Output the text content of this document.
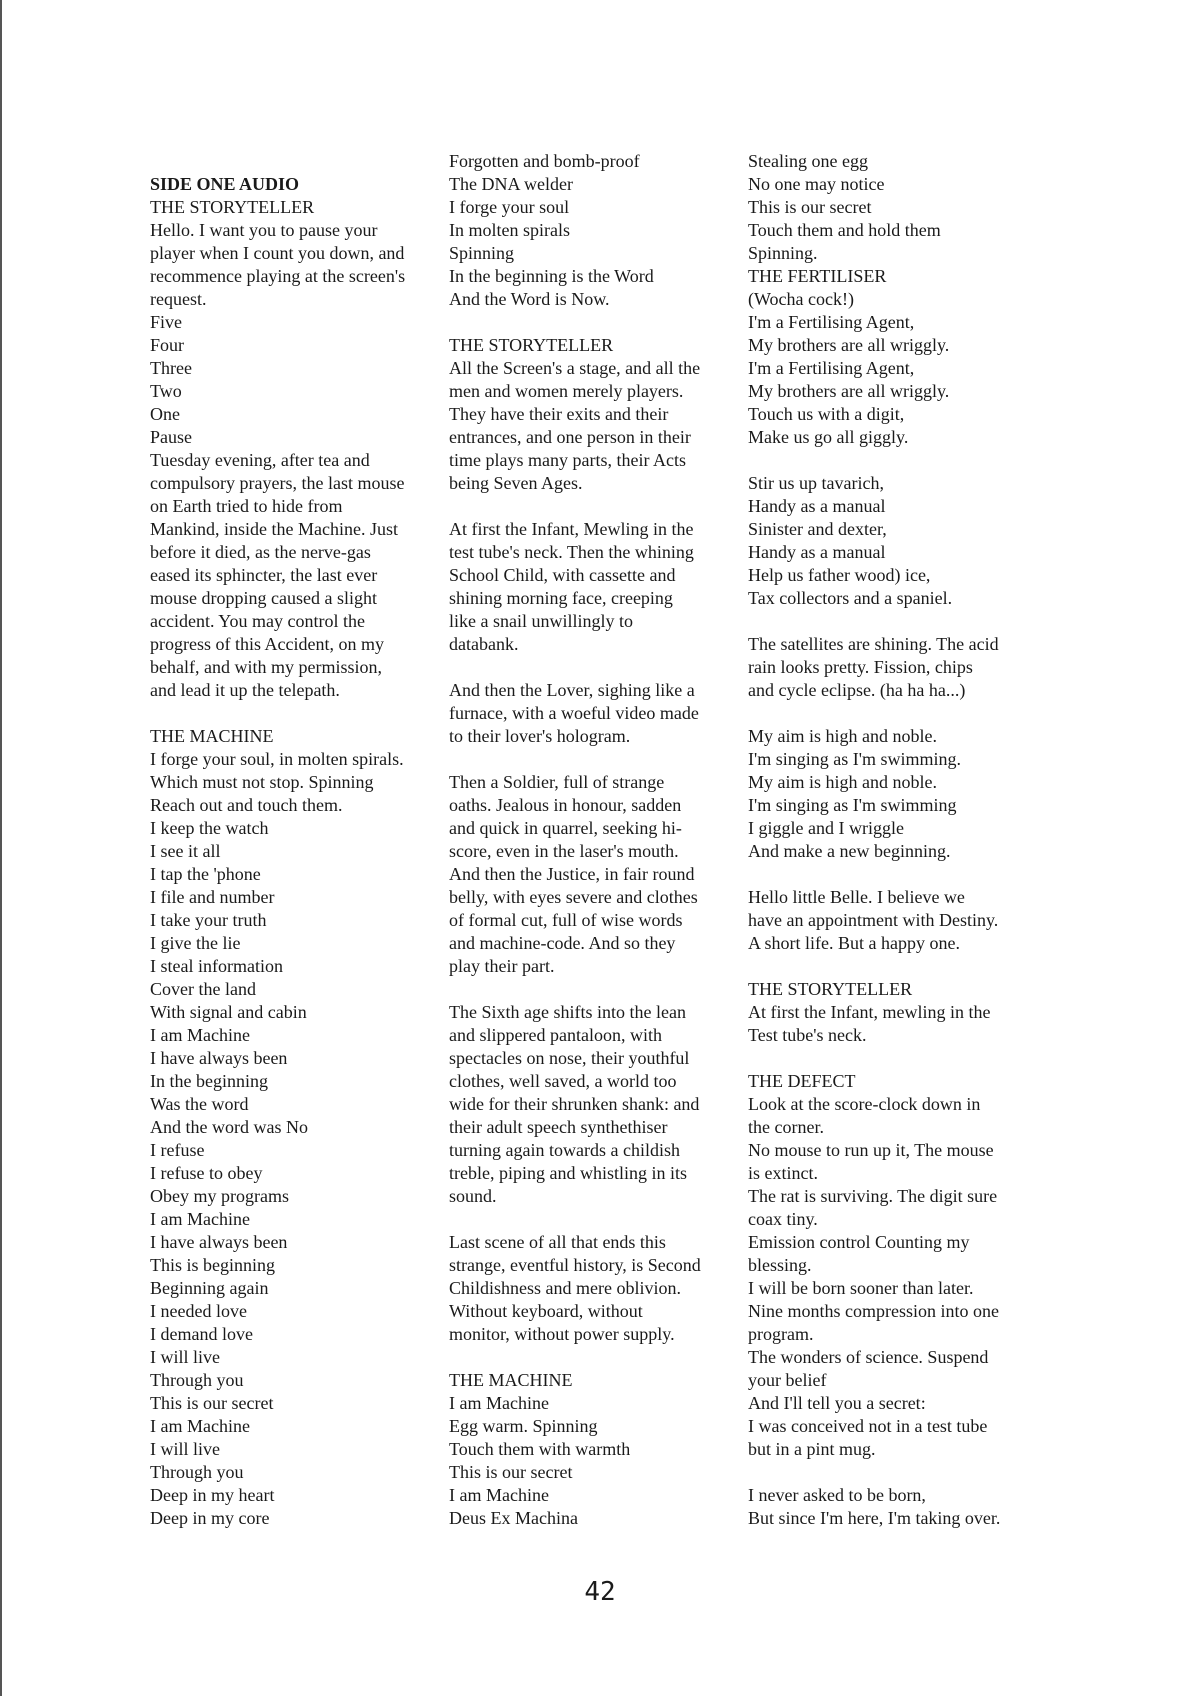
SIDE ONE AUDIO
THE STORYTELLER
Hello. I want you to pause your
player when I count you down, and
recommence playing at the screen's
request.
Five
Four
Three
Two
One
Pause
Tuesday evening, after tea and
compulsory prayers, the last mouse
on Earth tried to hide from
Mankind, inside the Machine. Just
before it died, as the nerve-gas
eased its sphincter, the last ever
mouse dropping caused a slight
accident. You may control the
progress of this Accident, on my
behalf, and with my permission,
and lead it up the telepath.
THE MACHINE
I forge your soul, in molten spirals.
Which must not stop. Spinning
Reach out and touch them.
I keep the watch
I see it all
I tap the 'phone
I file and number
I take your truth
I give the lie
I steal information
Cover the land
With signal and cabin
I am Machine
I have always been
In the beginning
Was the word
And the word was No
I refuse
I refuse to obey
Obey my programs
I am Machine
I have always been
This is beginning
Beginning again
I needed love
I demand love
I will live
Through you
This is our secret
I am Machine
I will live
Through you
Deep in my heart
Deep in my core
Forgotten and bomb-proof
The DNA welder
I forge your soul
In molten spirals
Spinning
In the beginning is the Word
And the Word is Now.
THE STORYTELLER
All the Screen's a stage, and all the
men and women merely players.
They have their exits and their
entrances, and one person in their
time plays many parts, their Acts
being Seven Ages.
At first the Infant, Mewling in the
test tube's neck. Then the whining
School Child, with cassette and
shining morning face, creeping
like a snail unwillingly to
databank.
And then the Lover, sighing like a
furnace, with a woeful video made
to their lover's hologram.
Then a Soldier, full of strange
oaths. Jealous in honour, sadden
and quick in quarrel, seeking hi-
score, even in the laser's mouth.
And then the Justice, in fair round
belly, with eyes severe and clothes
of formal cut, full of wise words
and machine-code. And so they
play their part.
The Sixth age shifts into the lean
and slippered pantaloon, with
spectacles on nose, their youthful
clothes, well saved, a world too
wide for their shrunken shank: and
their adult speech synthethiser
turning again towards a childish
treble, piping and whistling in its
sound.
Last scene of all that ends this
strange, eventful history, is Second
Childishness and mere oblivion.
Without keyboard, without
monitor, without power supply.
THE MACHINE
I am Machine
Egg warm. Spinning
Touch them with warmth
This is our secret
I am Machine
Deus Ex Machina
Stealing one egg
No one may notice
This is our secret
Touch them and hold them
Spinning.
THE FERTILISER
(Wocha cock!)
I'm a Fertilising Agent,
My brothers are all wriggly.
I'm a Fertilising Agent,
My brothers are all wriggly.
Touch us with a digit,
Make us go all giggly.
Stir us up tavarich,
Handy as a manual
Sinister and dexter,
Handy as a manual
Help us father wood) ice,
Tax collectors and a spaniel.
The satellites are shining. The acid
rain looks pretty. Fission, chips
and cycle eclipse. (ha ha ha...)
My aim is high and noble.
I'm singing as I'm swimming.
My aim is high and noble.
I'm singing as I'm swimming
I giggle and I wriggle
And make a new beginning.
Hello little Belle. I believe we
have an appointment with Destiny.
A short life. But a happy one.
THE STORYTELLER
At first the Infant, mewling in the
Test tube's neck.
THE DEFECT
Look at the score-clock down in
the corner.
No mouse to run up it, The mouse
is extinct.
The rat is surviving. The digit sure
coax tiny.
Emission control Counting my
blessing.
I will be born sooner than later.
Nine months compression into one
program.
The wonders of science. Suspend
your belief
And I'll tell you a secret:
I was conceived not in a test tube
but in a pint mug.
I never asked to be born,
But since I'm here, I'm taking over.
42
